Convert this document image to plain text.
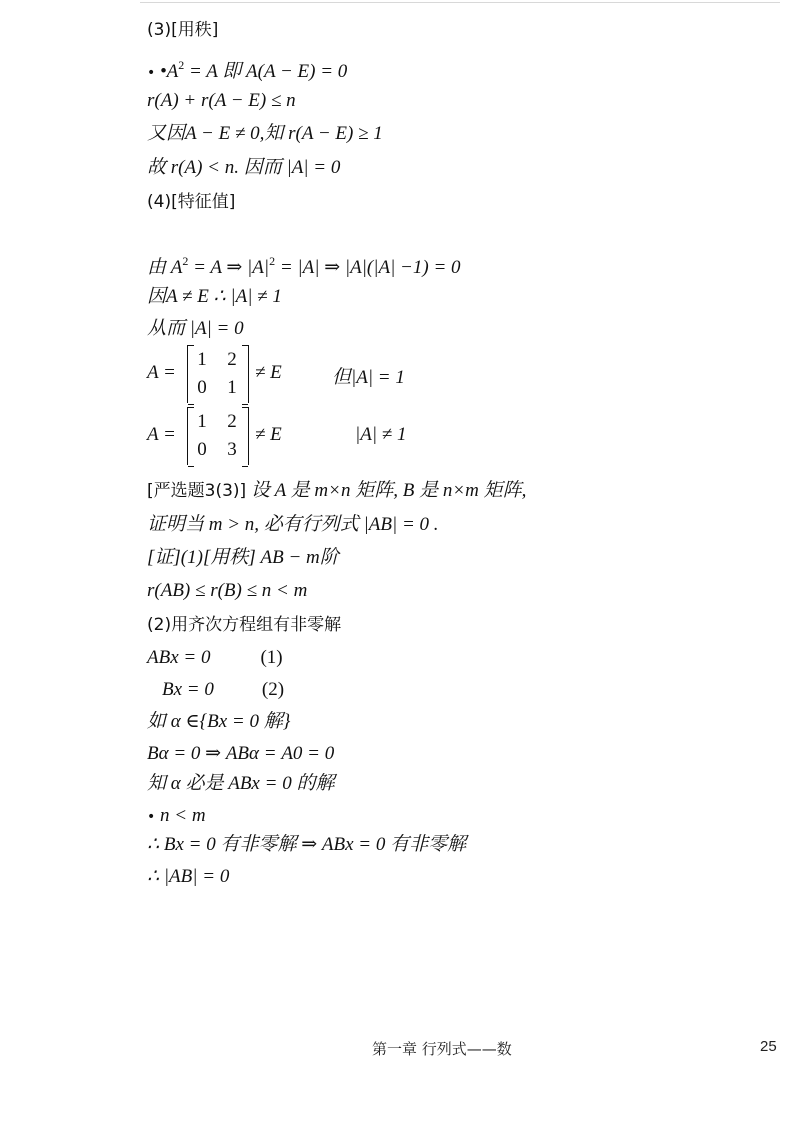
(3)[用秩]
• $•A^2 = A$ 即 A(A − E) = 0
r(A) + r(A − E) ≤ n
又因A − E ≠ 0,知 r(A − E) ≥ 1
故 r(A) < n. 因而 |A| = 0
(4)[特征值]
由 $A^2 = A$ ⇒ $|A|^2 = |A|$ ⇒ |A|(|A| −1) = 0
因A ≠ E ∴ |A| ≠ 1
从而 |A| = 0
A =
1 2
0 1
≠ E	但|A| = 1
A =
1 2
0 3
≠ E	|A| ≠ 1
[严选题3(3)] 设 A 是 m×n 矩阵, B 是 n×m 矩阵,
证明当 m > n, 必有行列式 |AB| = 0 .
[证](1)[用秩] AB − m阶
r(AB) ≤ r(B) ≤ n < m
(2)用齐次方程组有非零解
ABx = 0	(1)
Bx = 0	(2)
如 α ∈{Bx = 0 解}
Bα = 0 ⇒ ABα = A0 = 0
知 α 必是 ABx = 0 的解
• n < m
∴ Bx = 0 有非零解 ⇒ ABx = 0 有非零解
∴ |AB| = 0
第一章 行列式——数	25
